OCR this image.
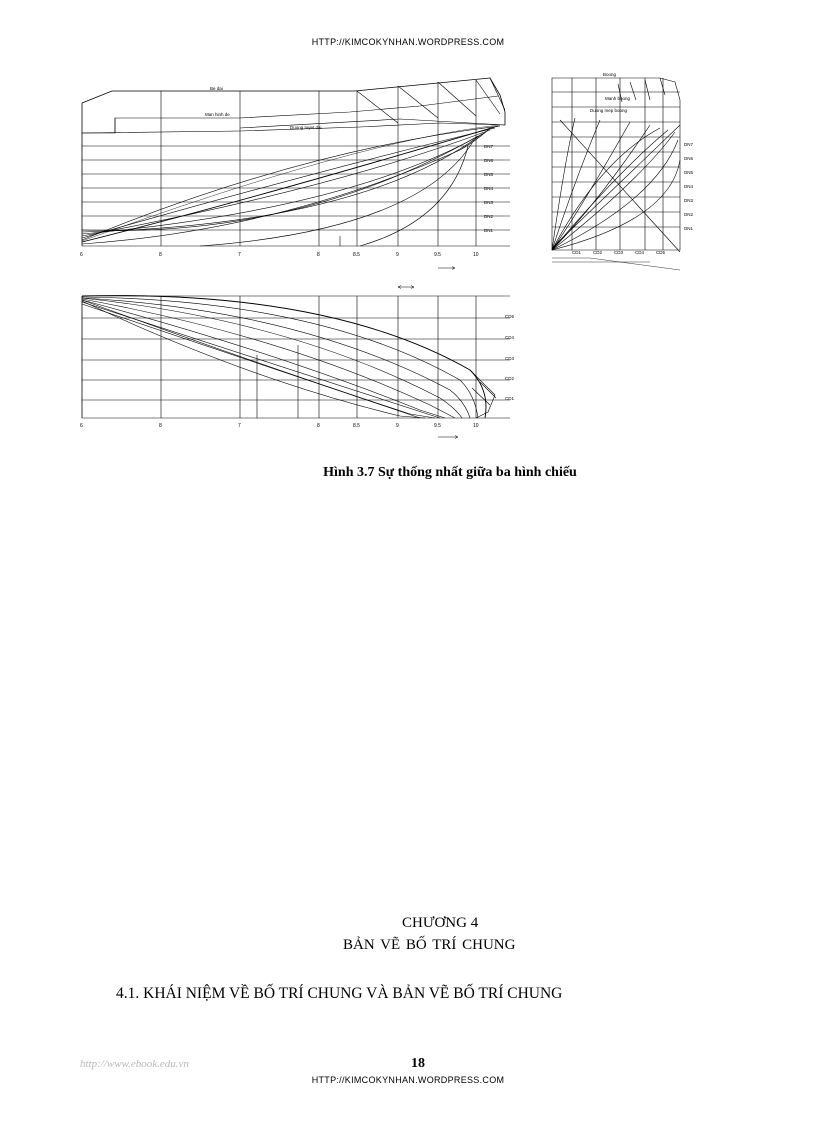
HTTP://KIMCOKYNHAN.WORDPRESS.COM
6	8	7	8	8.5	9	9.5	10
6	8	7	8	8.5	9	9.5	10
DN7
DN6
DN5
DN4
DN3
DN2
DN1
DN7
DN6
DN5
DN4
DN3
DN2
DN1
CD5
CD4
CD3
CD2
CD1
CD1	CD2	CD3	CD4	CD5
Be dai
Man hinh de
Duong tuyet dai
Duong mep boong
Boong
Manh boong
Hình 3.7 Sự thống nhất giữa ba hình chiếu
CHƯƠNG 4
BẢN VẼ BỐ TRÍ CHUNG
4.1. KHÁI NIỆM VỀ BỐ TRÍ CHUNG VÀ BẢN VẼ BỐ TRÍ CHUNG
http://www.ebook.edu.vn	18
HTTP://KIMCOKYNHAN.WORDPRESS.COM
